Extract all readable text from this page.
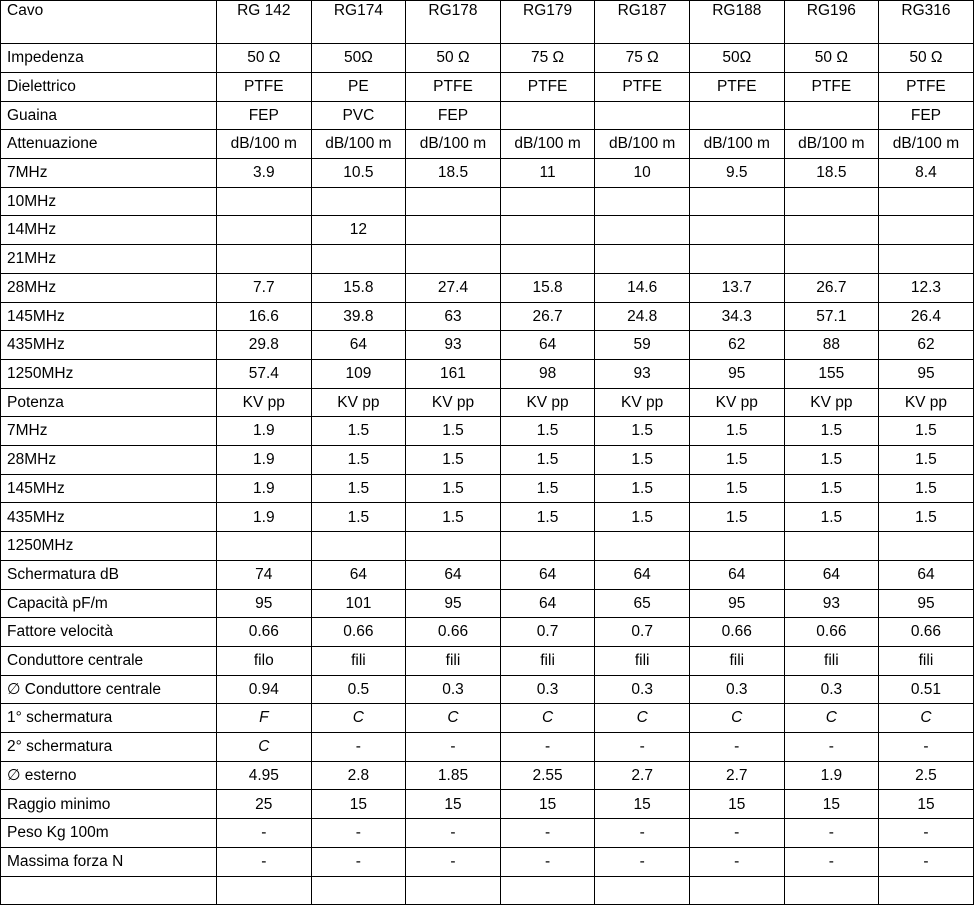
Cavo	RG 142	RG174	RG178	RG179	RG187	RG188	RG196	RG316
Impedenza	50 Ω	50Ω	50 Ω	75 Ω	75 Ω	50Ω	50 Ω	50 Ω
Dielettrico	PTFE	PE	PTFE	PTFE	PTFE	PTFE	PTFE	PTFE
Guaina	FEP	PVC	FEP					FEP
Attenuazione	dB/100 m	dB/100 m	dB/100 m	dB/100 m	dB/100 m	dB/100 m	dB/100 m	dB/100 m
7MHz	3.9	10.5	18.5	11	10	9.5	18.5	8.4
10MHz								
14MHz		12						
21MHz								
28MHz	7.7	15.8	27.4	15.8	14.6	13.7	26.7	12.3
145MHz	16.6	39.8	63	26.7	24.8	34.3	57.1	26.4
435MHz	29.8	64	93	64	59	62	88	62
1250MHz	57.4	109	161	98	93	95	155	95
Potenza	KV pp	KV pp	KV pp	KV pp	KV pp	KV pp	KV pp	KV pp
7MHz	1.9	1.5	1.5	1.5	1.5	1.5	1.5	1.5
28MHz	1.9	1.5	1.5	1.5	1.5	1.5	1.5	1.5
145MHz	1.9	1.5	1.5	1.5	1.5	1.5	1.5	1.5
435MHz	1.9	1.5	1.5	1.5	1.5	1.5	1.5	1.5
1250MHz								
Schermatura dB	74	64	64	64	64	64	64	64
Capacità pF/m	95	101	95	64	65	95	93	95
Fattore velocità	0.66	0.66	0.66	0.7	0.7	0.66	0.66	0.66
Conduttore centrale	filo	fili	fili	fili	fili	fili	fili	fili
∅ Conduttore centrale	0.94	0.5	0.3	0.3	0.3	0.3	0.3	0.51
1° schermatura	F	C	C	C	C	C	C	C
2° schermatura	C	-	-	-	-	-	-	-
∅ esterno	4.95	2.8	1.85	2.55	2.7	2.7	1.9	2.5
Raggio minimo	25	15	15	15	15	15	15	15
Peso Kg 100m	-	-	-	-	-	-	-	-
Massima forza N	-	-	-	-	-	-	-	-
